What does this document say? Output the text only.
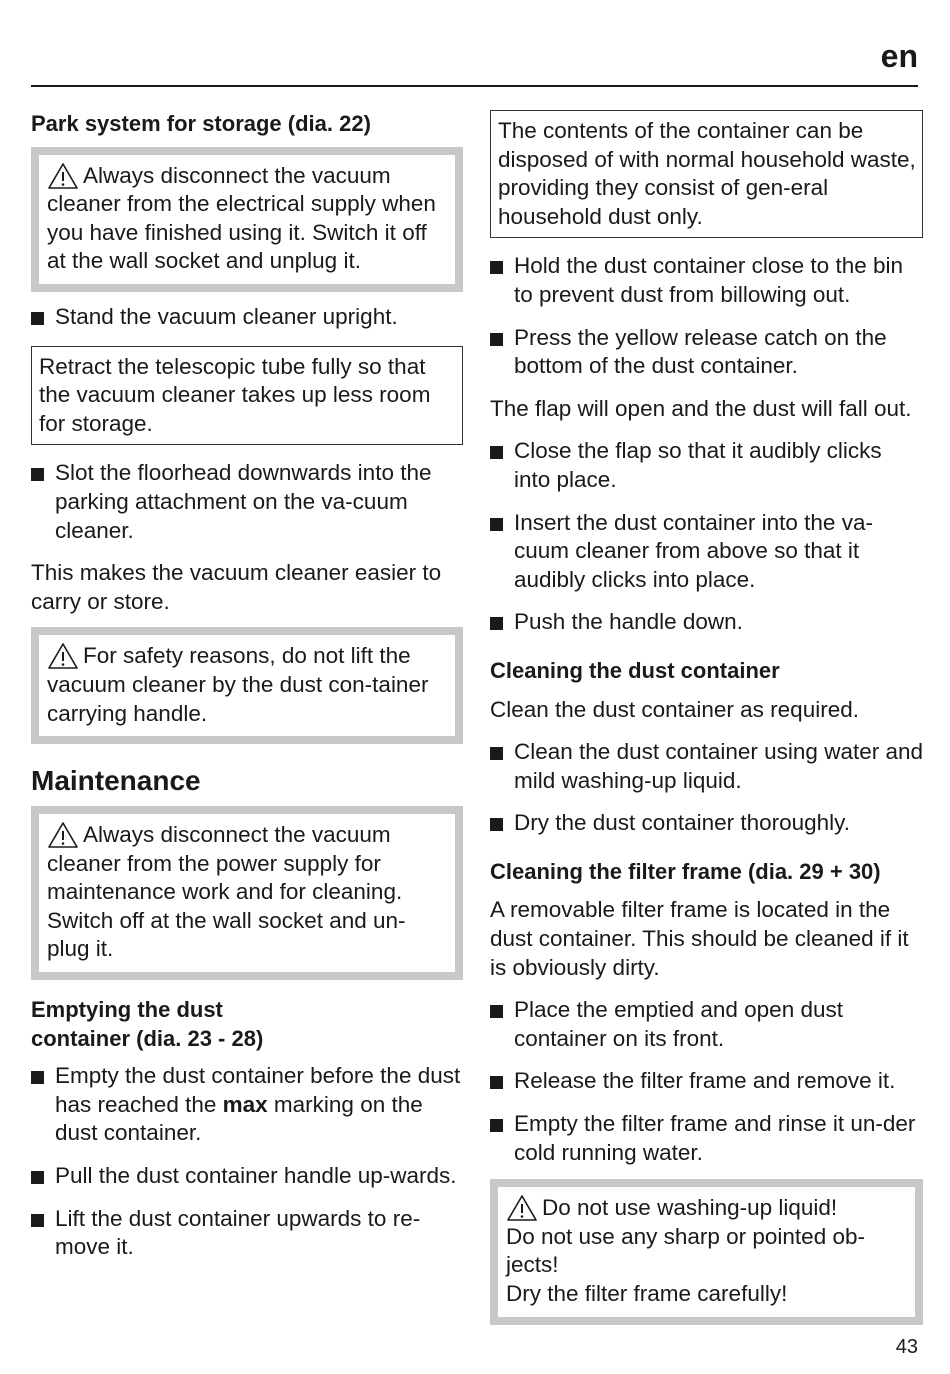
en

Park system for storage (dia. 22)

Always disconnect the vacuum cleaner from the electrical supply when you have finished using it. Switch it off at the wall socket and unplug it.

Stand the vacuum cleaner upright.

Retract the telescopic tube fully so that the vacuum cleaner takes up less room for storage.

Slot the floorhead downwards into the parking attachment on the va-cuum cleaner.

This makes the vacuum cleaner easier to carry or store.

For safety reasons, do not lift the vacuum cleaner by the dust con-tainer carrying handle.

Maintenance

Always disconnect the vacuum cleaner from the power supply for maintenance work and for cleaning. Switch off at the wall socket and un-plug it.

Emptying the dust
container (dia. 23 - 28)

Empty the dust container before the dust has reached the max marking on the dust container.

Pull the dust container handle up-wards.

Lift the dust container upwards to re-move it.

The contents of the container can be disposed of with normal household waste, providing they consist of gen-eral household dust only.

Hold the dust container close to the bin to prevent dust from billowing out.

Press the yellow release catch on the bottom of the dust container.

The flap will open and the dust will fall out.

Close the flap so that it audibly clicks into place.

Insert the dust container into the va-cuum cleaner from above so that it audibly clicks into place.

Push the handle down.

Cleaning the dust container

Clean the dust container as required.

Clean the dust container using water and mild washing-up liquid.

Dry the dust container thoroughly.

Cleaning the filter frame (dia. 29 + 30)

A removable filter frame is located in the dust container. This should be cleaned if it is obviously dirty.

Place the emptied and open dust container on its front.

Release the filter frame and remove it.

Empty the filter frame and rinse it un-der cold running water.

Do not use washing-up liquid!
Do not use any sharp or pointed ob-jects!
Dry the filter frame carefully!
43
